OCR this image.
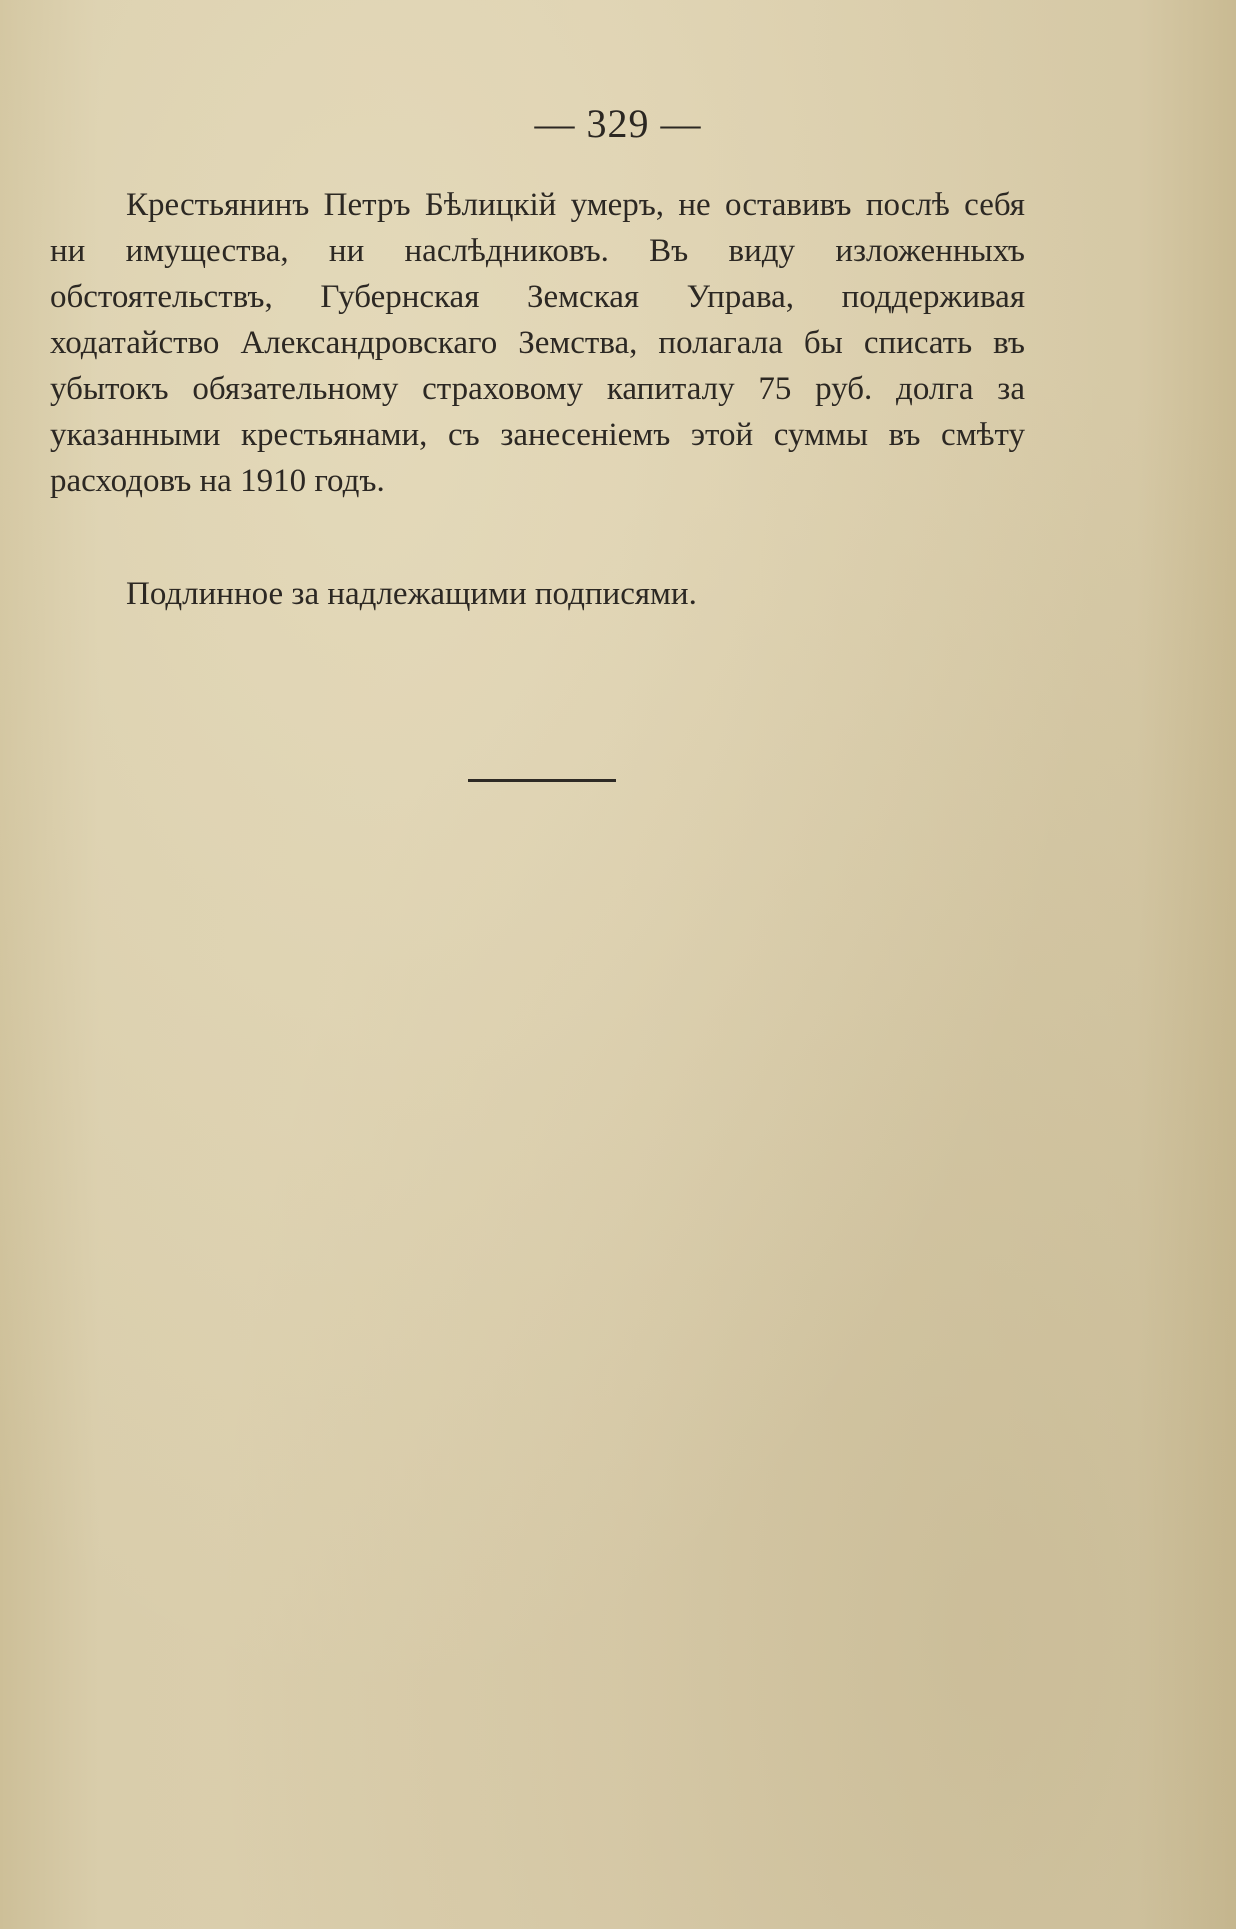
— 329 —

Крестьянинъ Петръ Бѣлицкій умеръ, не оставивъ послѣ себя ни имущества, ни наслѣдниковъ. Въ виду изложенныхъ обстоятельствъ, Губернская Земская Управа, поддерживая ходатайство Александровскаго Земства, полагала бы списать въ убытокъ обязательному страховому капиталу 75 руб. долга за указанными крестьянами, съ занесеніемъ этой суммы въ смѣту расходовъ на 1910 годъ.

Подлинное за надлежащими подписями.
